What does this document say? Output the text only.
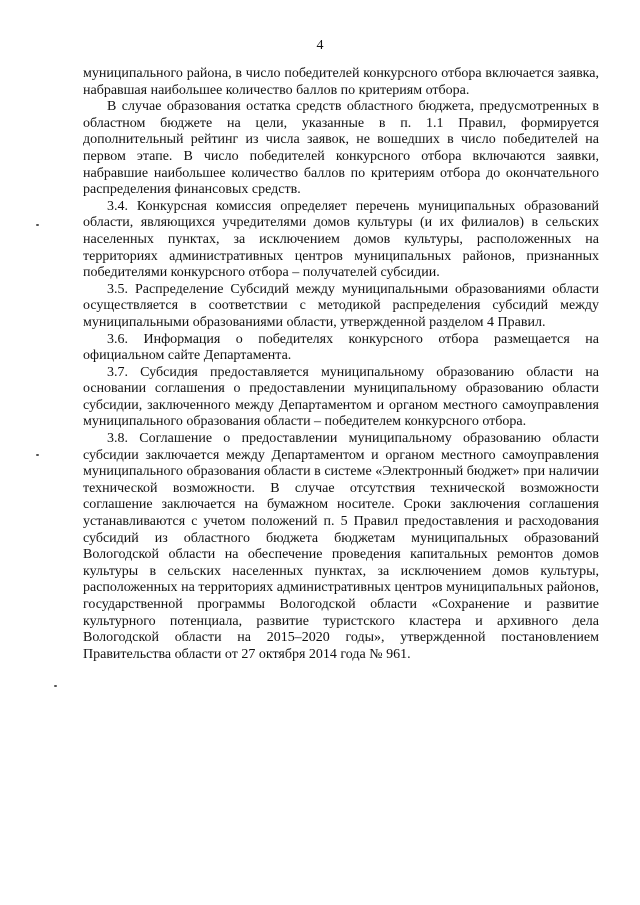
4

муниципального района, в число победителей конкурсного отбора включается заявка, набравшая наибольшее количество баллов по критериям отбора.

В случае образования остатка средств областного бюджета, предусмотренных в областном бюджете на цели, указанные в п. 1.1 Правил, формируется дополнительный рейтинг из числа заявок, не вошедших в число победителей на первом этапе. В число победителей конкурсного отбора включаются заявки, набравшие наибольшее количество баллов по критериям отбора до окончательного распределения финансовых средств.

3.4. Конкурсная комиссия определяет перечень муниципальных образований области, являющихся учредителями домов культуры (и их филиалов) в сельских населенных пунктах, за исключением домов культуры, расположенных на территориях административных центров муниципальных районов, признанных победителями конкурсного отбора – получателей субсидии.

3.5. Распределение Субсидий между муниципальными образованиями области осуществляется в соответствии с методикой распределения субсидий между муниципальными образованиями области, утвержденной разделом 4 Правил.

3.6. Информация о победителях конкурсного отбора размещается на официальном сайте Департамента.

3.7. Субсидия предоставляется муниципальному образованию области на основании соглашения о предоставлении муниципальному образованию области субсидии, заключенного между Департаментом и органом местного самоуправления муниципального образования области – победителем конкурсного отбора.

3.8. Соглашение о предоставлении муниципальному образованию области субсидии заключается между Департаментом и органом местного самоуправления муниципального образования области в системе «Электронный бюджет» при наличии технической возможности. В случае отсутствия технической возможности соглашение заключается на бумажном носителе. Сроки заключения соглашения устанавливаются с учетом положений п. 5 Правил предоставления и расходования субсидий из областного бюджета бюджетам муниципальных образований Вологодской области на обеспечение проведения капитальных ремонтов домов культуры в сельских населенных пунктах, за исключением домов культуры, расположенных на территориях административных центров муниципальных районов, государственной программы Вологодской области «Сохранение и развитие культурного потенциала, развитие туристского кластера и архивного дела Вологодской области на 2015–2020 годы», утвержденной постановлением Правительства области от 27 октября 2014 года № 961.
